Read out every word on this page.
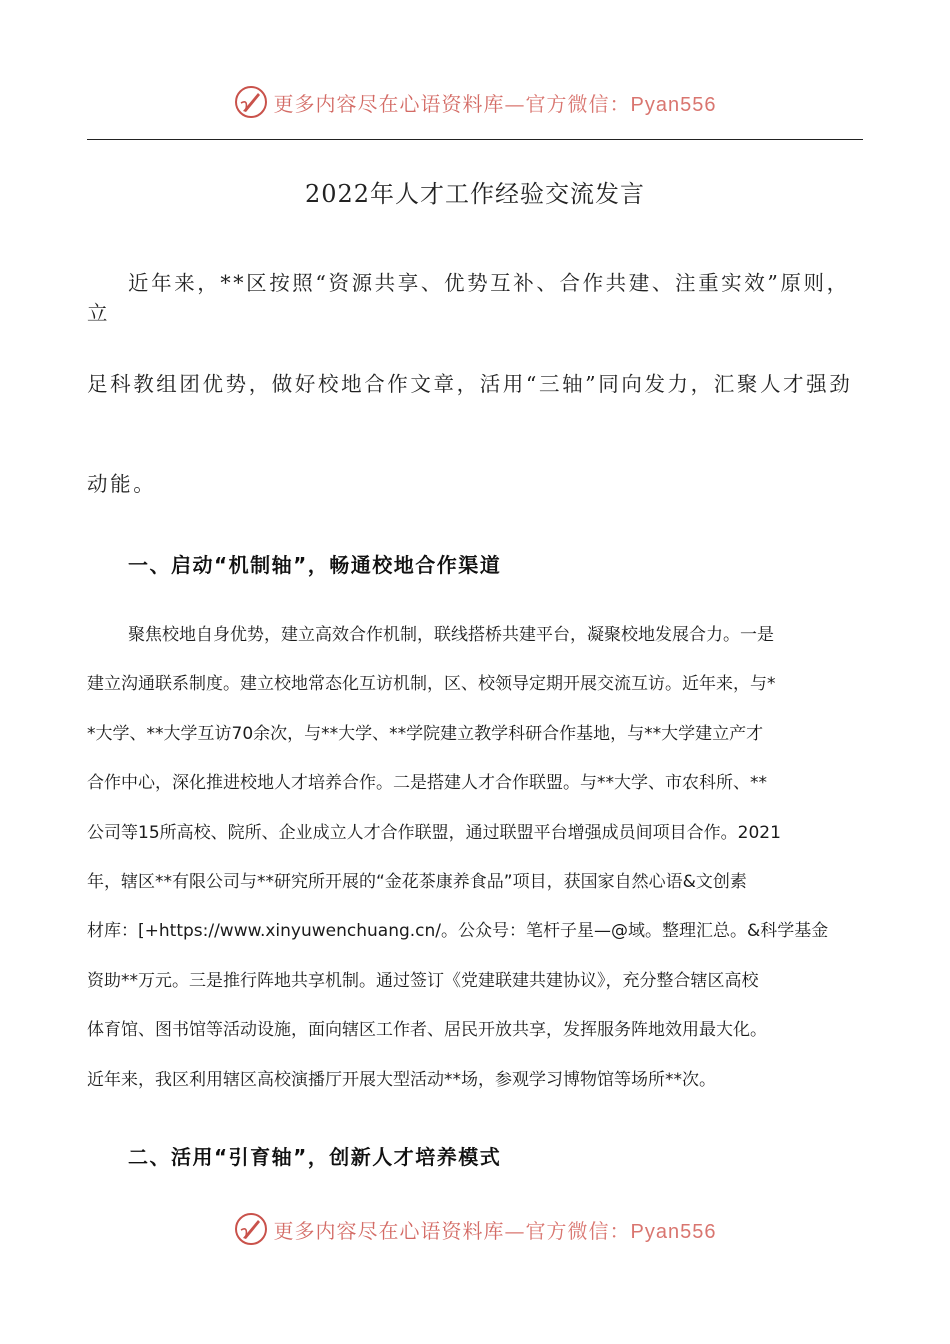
更多内容尽在心语资料库—官方微信：Pyan556
2022年人才工作经验交流发言
近年来，**区按照“资源共享、优势互补、合作共建、注重实效”原则，立
足科教组团优势，做好校地合作文章，活用“三轴”同向发力，汇聚人才强劲
动能。
一、启动“机制轴”，畅通校地合作渠道
聚焦校地自身优势，建立高效合作机制，联线搭桥共建平台，凝聚校地发展合力。一是
建立沟通联系制度。建立校地常态化互访机制，区、校领导定期开展交流互访。近年来，与*
*大学、**大学互访70余次，与**大学、**学院建立教学科研合作基地，与**大学建立产才
合作中心，深化推进校地人才培养合作。二是搭建人才合作联盟。与**大学、市农科所、**
公司等15所高校、院所、企业成立人才合作联盟，通过联盟平台增强成员间项目合作。2021
年，辖区**有限公司与**研究所开展的“金花茶康养食品”项目，获国家自然心语&文创素
材库：[+https://www.xinyuwenchuang.cn/。公众号：笔杆子星—@域。整理汇总。&科学基金
资助**万元。三是推行阵地共享机制。通过签订《党建联建共建协议》，充分整合辖区高校
体育馆、图书馆等活动设施，面向辖区工作者、居民开放共享，发挥服务阵地效用最大化。
近年来，我区利用辖区高校演播厅开展大型活动**场，参观学习博物馆等场所**次。
二、活用“引育轴”，创新人才培养模式
更多内容尽在心语资料库—官方微信：Pyan556
